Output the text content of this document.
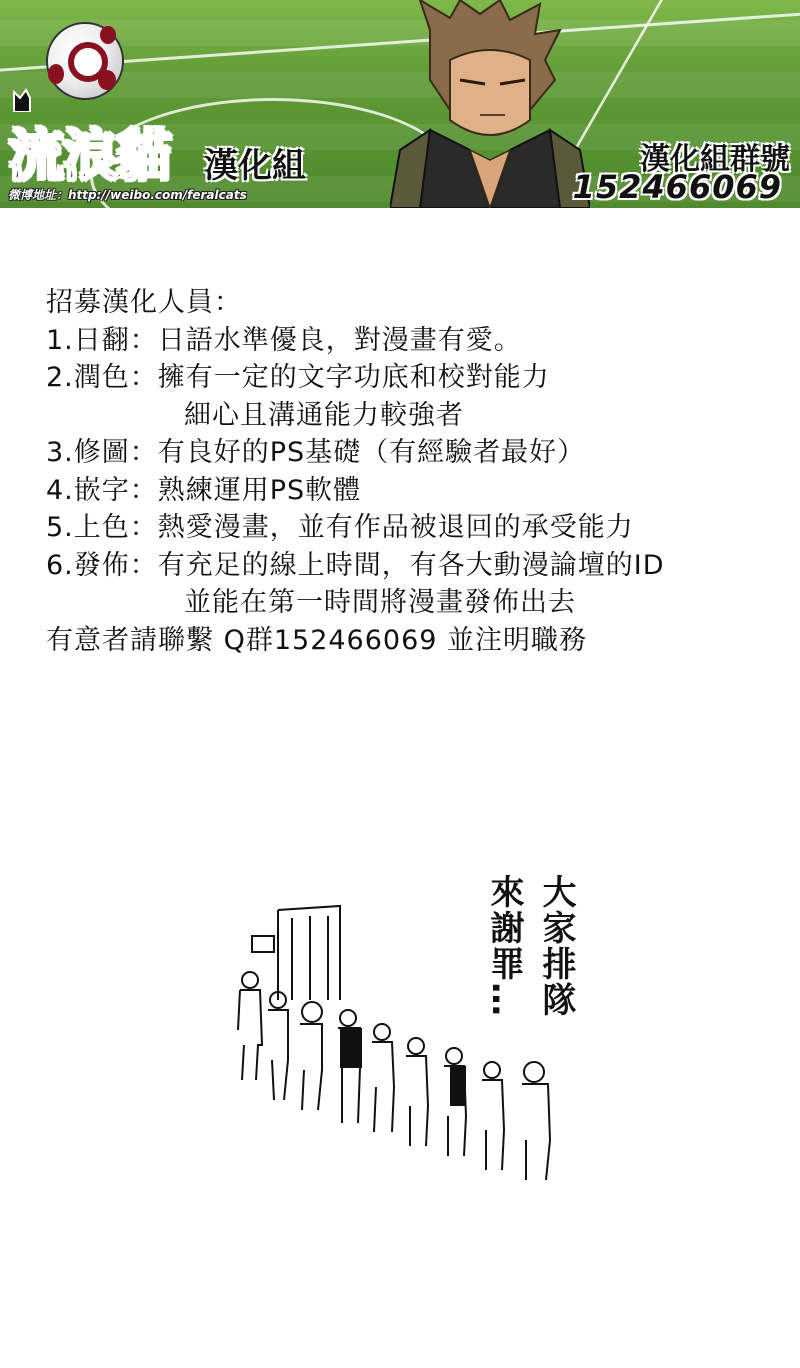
流浪貓 漢化組
微博地址：http://weibo.com/feralcats
漢化組群號
152466069
招募漢化人員：
1.日翻：日語水準優良，對漫畫有愛。
2.潤色：擁有一定的文字功底和校對能力
細心且溝通能力較強者
3.修圖：有良好的PS基礎（有經驗者最好）
4.嵌字：熟練運用PS軟體
5.上色：熱愛漫畫，並有作品被退回的承受能力
6.發佈：有充足的線上時間，有各大動漫論壇的ID
並能在第一時間將漫畫發佈出去
有意者請聯繫 Q群152466069 並注明職務
大家排隊
來謝罪…
